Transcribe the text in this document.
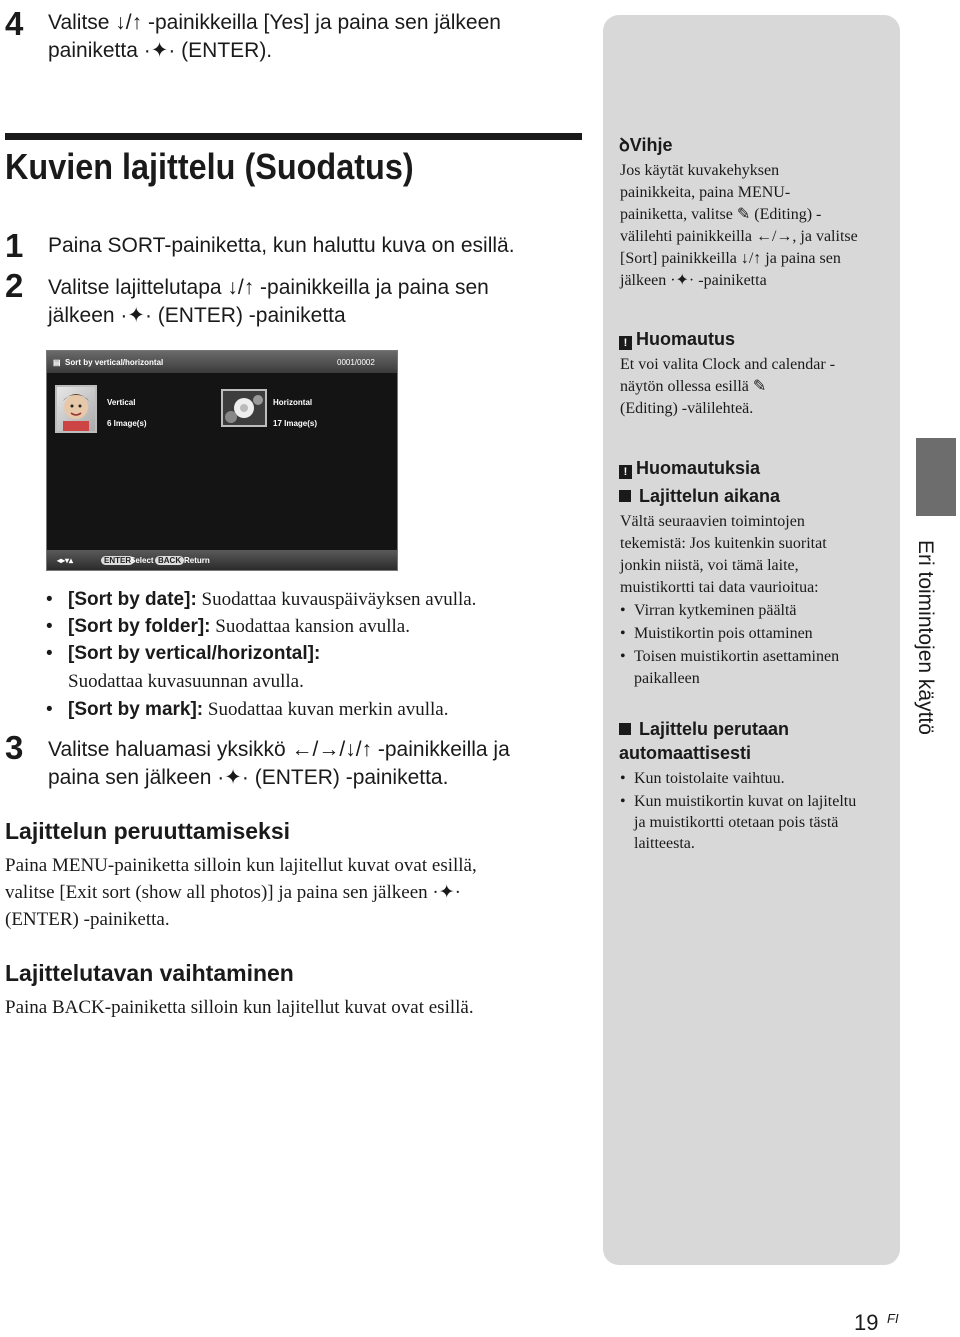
4 Valitse ↓/↑ -painikkeilla [Yes] ja paina sen jälkeen
painiketta ·✦· (ENTER).
Kuvien lajittelu (Suodatus)
1 Paina SORT-painiketta, kun haluttu kuva on esillä.
2 Valitse lajittelutapa ↓/↑ -painikkeilla ja paina sen
jälkeen ·✦· (ENTER) -painiketta
▤ Sort by vertical/horizontal	0001/0002
Vertical
6 Image(s)
Horizontal
17 Image(s)
◂▸▾▴	ENTER
Select BACK Return
• [Sort by date]: Suodattaa kuvauspäiväyksen avulla.
• [Sort by folder]: Suodattaa kansion avulla.
• [Sort by vertical/horizontal]:
Suodattaa kuvasuunnan avulla.
• [Sort by mark]: Suodattaa kuvan merkin avulla.
3 Valitse haluamasi yksikkö ←/→/↓/↑ -painikkeilla ja
paina sen jälkeen ·✦· (ENTER) -painiketta.
Lajittelun peruuttamiseksi
Paina MENU-painiketta silloin kun lajitellut kuvat ovat esillä,
valitse [Exit sort (show all photos)] ja paina sen jälkeen ·✦·
(ENTER) -painiketta.
Lajittelutavan vaihtaminen
Paina BACK-painiketta silloin kun lajitellut kuvat ovat esillä.
ꝺVihje
Jos käytät kuvakehyksen
painikkeita, paina MENU-
painiketta, valitse ✎ (Editing) -
välilehti painikkeilla ←/→, ja valitse
[Sort] painikkeilla ↓/↑ ja paina sen
jälkeen ·✦· -painiketta
! Huomautus
Et voi valita Clock and calendar -
näytön ollessa esillä ✎
(Editing) -välilehteä.
! Huomautuksia
Lajittelun aikana
Vältä seuraavien toimintojen
tekemistä: Jos kuitenkin suoritat
jonkin niistä, voi tämä laite,
muistikortti tai data vaurioitua:
• Virran kytkeminen päältä
• Muistikortin pois ottaminen
• Toisen muistikortin asettaminen
paikalleen
Lajittelu perutaan
automaattisesti
• Kun toistolaite vaihtuu.
• Kun muistikortin kuvat on lajiteltu
ja muistikortti otetaan pois tästä
laitteesta.
Eri toimintojen käyttö
19 FI
